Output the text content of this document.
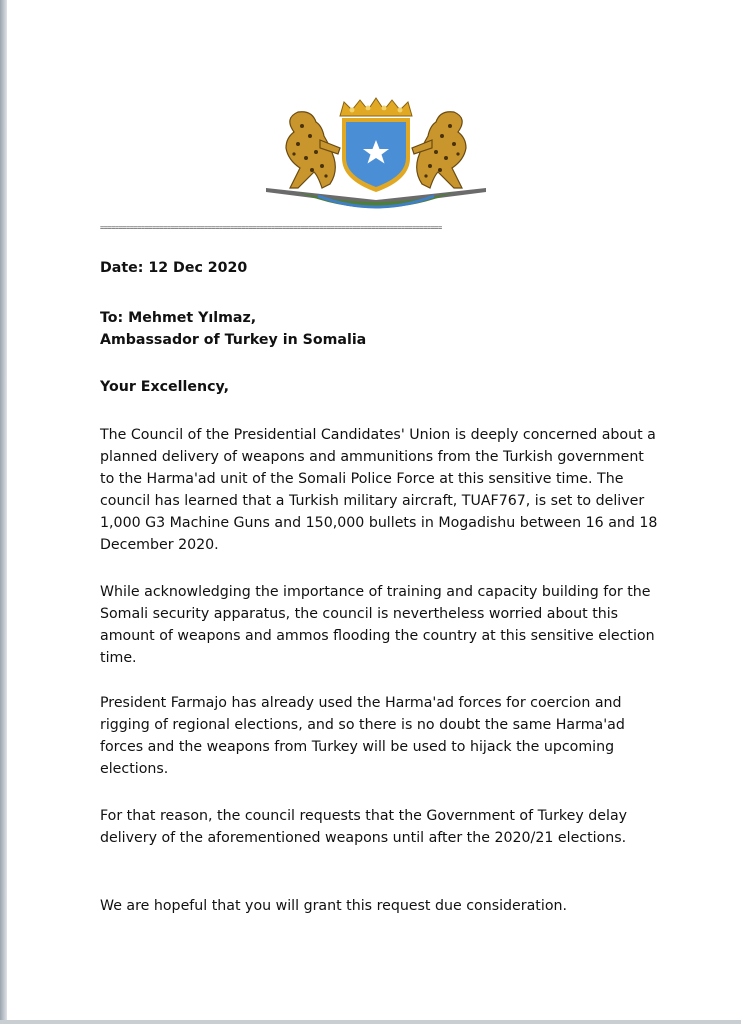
============================================================================================

Date: 12 Dec 2020

To: Mehmet Yılmaz,
Ambassador of Turkey in Somalia

Your Excellency,

The Council of the Presidential Candidates' Union is deeply concerned about a planned delivery of weapons and ammunitions from the Turkish government to the Harma'ad unit of the Somali Police Force at this sensitive time. The council has learned that a Turkish military aircraft, TUAF767, is set to deliver 1,000 G3 Machine Guns and 150,000 bullets in Mogadishu between 16 and 18 December 2020.

While acknowledging the importance of training and capacity building for the Somali security apparatus, the council is nevertheless worried about this amount of weapons and ammos flooding the country at this sensitive election time.

President Farmajo has already used the Harma'ad forces for coercion and rigging of regional elections, and so there is no doubt the same Harma'ad forces and the weapons from Turkey will be used to hijack the upcoming elections.

For that reason, the council requests that the Government of Turkey delay delivery of the aforementioned weapons until after the 2020/21 elections.

We are hopeful that you will grant this request due consideration.
